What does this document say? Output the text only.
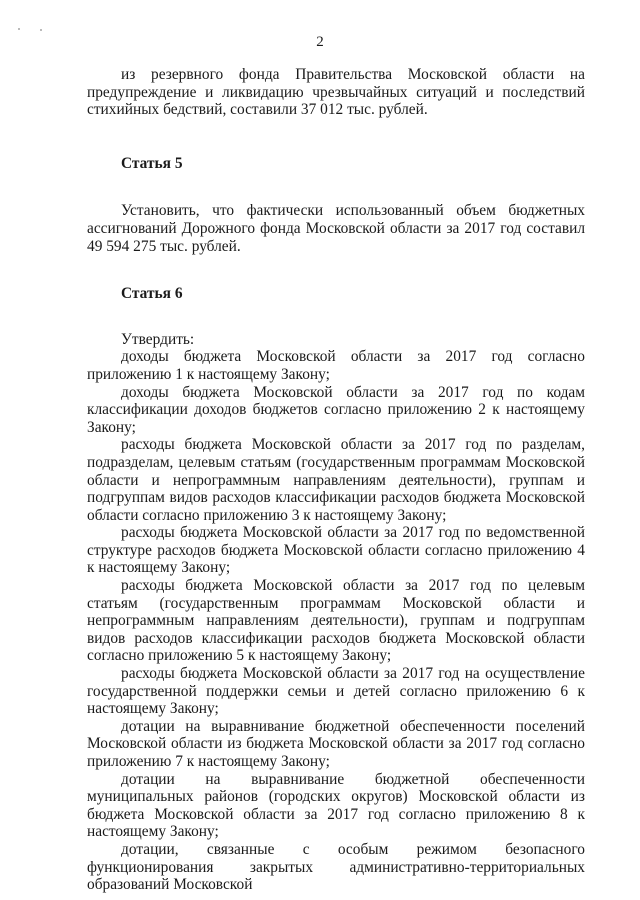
2

из резервного фонда Правительства Московской области на предупреждение и ликвидацию чрезвычайных ситуаций и последствий стихийных бедствий, составили 37 012 тыс. рублей.

Статья 5

Установить, что фактически использованный объем бюджетных ассигнований Дорожного фонда Московской области за 2017 год составил 49 594 275 тыс. рублей.

Статья 6

Утвердить:

доходы бюджета Московской области за 2017 год согласно приложению 1 к настоящему Закону;

доходы бюджета Московской области за 2017 год по кодам классификации доходов бюджетов согласно приложению 2 к настоящему Закону;

расходы бюджета Московской области за 2017 год по разделам, подразделам, целевым статьям (государственным программам Московской области и непрограммным направлениям деятельности), группам и подгруппам видов расходов классификации расходов бюджета Московской области согласно приложению 3 к настоящему Закону;

расходы бюджета Московской области за 2017 год по ведомственной структуре расходов бюджета Московской области согласно приложению 4 к настоящему Закону;

расходы бюджета Московской области за 2017 год по целевым статьям (государственным программам Московской области и непрограммным направлениям деятельности), группам и подгруппам видов расходов классификации расходов бюджета Московской области согласно приложению 5 к настоящему Закону;

расходы бюджета Московской области за 2017 год на осуществление государственной поддержки семьи и детей согласно приложению 6 к настоящему Закону;

дотации на выравнивание бюджетной обеспеченности поселений Московской области из бюджета Московской области за 2017 год согласно приложению 7 к настоящему Закону;

дотации на выравнивание бюджетной обеспеченности муниципальных районов (городских округов) Московской области из бюджета Московской области за 2017 год согласно приложению 8 к настоящему Закону;

дотации, связанные с особым режимом безопасного функционирования закрытых административно-территориальных образований Московской
